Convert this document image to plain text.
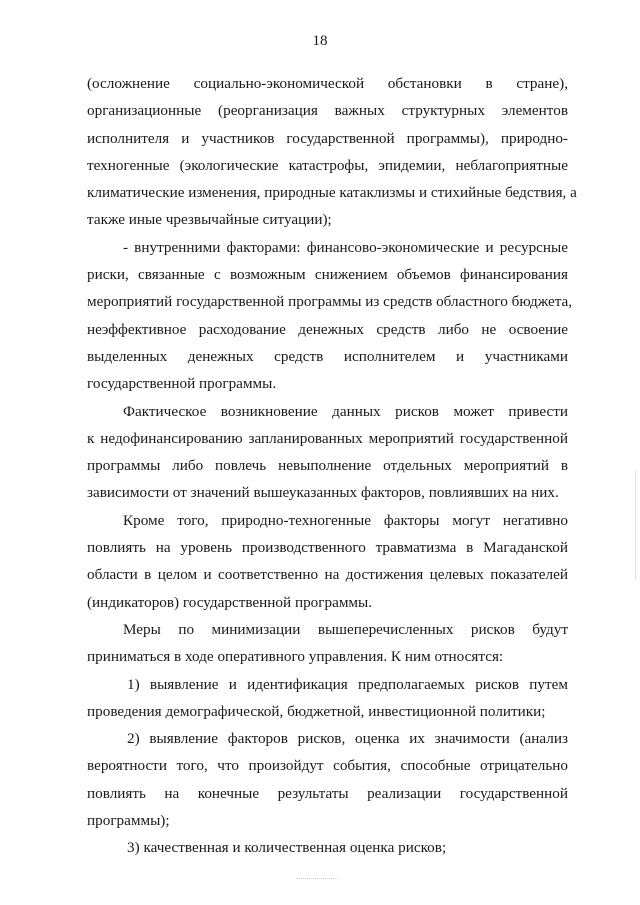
18
(осложнение социально-экономической обстановки в стране),
организационные (реорганизация важных структурных элементов
исполнителя и участников государственной программы), природно-
техногенные (экологические катастрофы, эпидемии, неблагоприятные
климатические изменения, природные катаклизмы и стихийные бедствия, а
также иные чрезвычайные ситуации);
- внутренними факторами: финансово-экономические и ресурсные
риски, связанные с возможным снижением объемов финансирования
мероприятий государственной программы из средств областного бюджета,
неэффективное расходование денежных средств либо не освоение
выделенных денежных средств исполнителем и участниками
государственной программы.
Фактическое возникновение данных рисков может привести
к недофинансированию запланированных мероприятий государственной
программы либо повлечь невыполнение отдельных мероприятий в
зависимости от значений вышеуказанных факторов, повлиявших на них.
Кроме того, природно-техногенные факторы могут негативно
повлиять на уровень производственного травматизма в Магаданской
области в целом и соответственно на достижения целевых показателей
(индикаторов) государственной программы.
Меры по минимизации вышеперечисленных рисков будут
приниматься в ходе оперативного управления. К ним относятся:
1) выявление и идентификация предполагаемых рисков путем
проведения демографической, бюджетной, инвестиционной политики;
2) выявление факторов рисков, оценка их значимости (анализ
вероятности того, что произойдут события, способные отрицательно
повлиять на конечные результаты реализации государственной
программы);
3) качественная и количественная оценка рисков;
